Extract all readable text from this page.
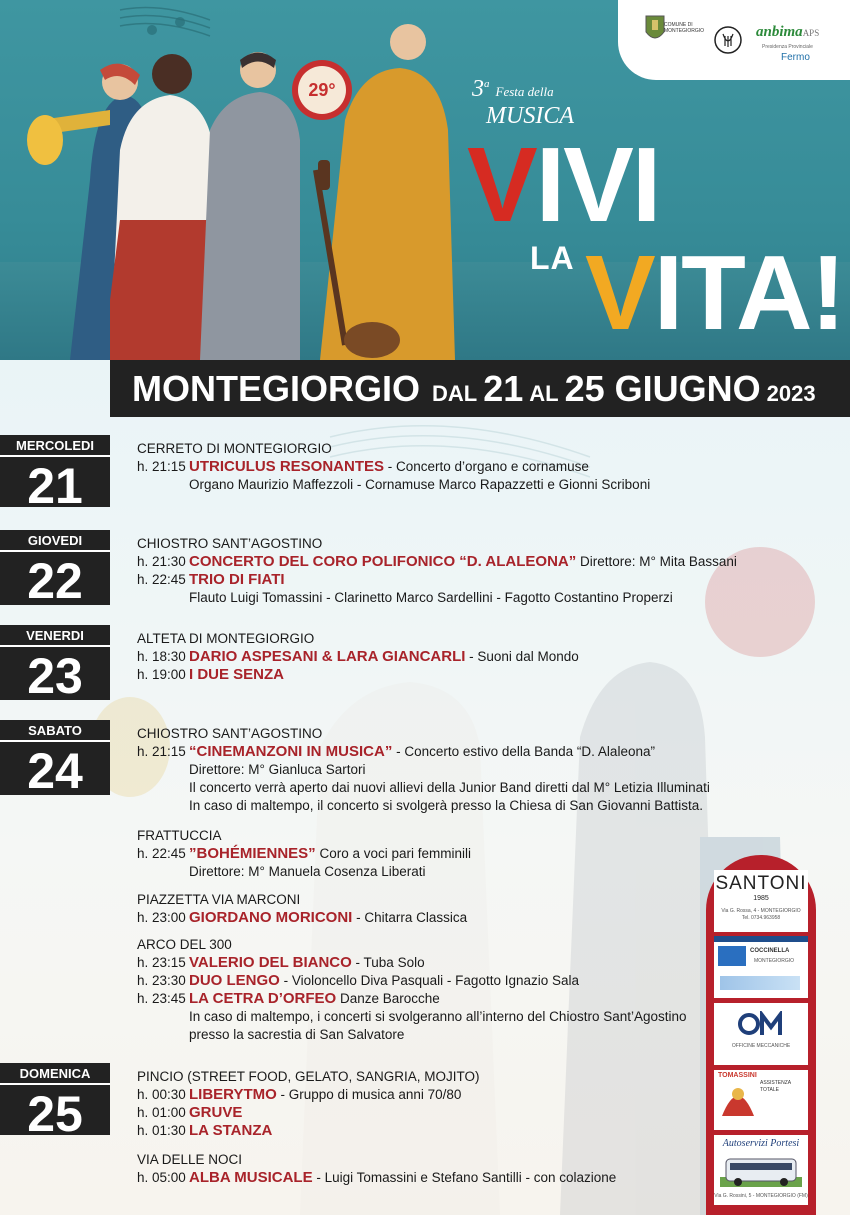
29°
COMUNE DI
MONTEGIORGIO	anbimaAPS
Presidenza Provinciale
Fermo
3$^a$ Festa della
MUSICA
VIVI
LA VITA!
MONTEGIORGIO DAL 21 AL 25 GIUGNO 2023
MERCOLEDI
21
GIOVEDI
22
VENERDI
23
SABATO
24
DOMENICA
25
CERRETO DI MONTEGIORGIO
h. 21:15 UTRICULUS RESONANTES - Concerto d’organo e cornamuse
Organo Maurizio Maffezzoli - Cornamuse Marco Rapazzetti e Gionni Scriboni
CHIOSTRO SANT’AGOSTINO
h. 21:30 CONCERTO DEL CORO POLIFONICO “D. ALALEONA” Direttore: M° Mita Bassani
h. 22:45 TRIO DI FIATI
Flauto Luigi Tomassini - Clarinetto Marco Sardellini - Fagotto Costantino Properzi
ALTETA DI MONTEGIORGIO
h. 18:30 DARIO ASPESANI & LARA GIANCARLI - Suoni dal Mondo
h. 19:00 I DUE SENZA
CHIOSTRO SANT’AGOSTINO
h. 21:15 “CINEMANZONI IN MUSICA” - Concerto estivo della Banda “D. Alaleona”
Direttore: M° Gianluca Sartori
Il concerto verrà aperto dai nuovi allievi della Junior Band diretti dal M° Letizia Illuminati
In caso di maltempo, il concerto si svolgerà presso la Chiesa di San Giovanni Battista.
FRATTUCCIA
h. 22:45 ”BOHÉMIENNES” Coro a voci pari femminili
Direttore: M° Manuela Cosenza Liberati
PIAZZETTA VIA MARCONI
h. 23:00 GIORDANO MORICONI - Chitarra Classica
ARCO DEL 300
h. 23:15 VALERIO DEL BIANCO - Tuba Solo
h. 23:30 DUO LENGO - Violoncello Diva Pasquali - Fagotto Ignazio Sala
h. 23:45 LA CETRA D’ORFEO Danze Barocche
In caso di maltempo, i concerti si svolgeranno all’interno del Chiostro Sant’Agostino
presso la sacrestia di San Salvatore
PINCIO (STREET FOOD, GELATO, SANGRIA, MOJITO)
h. 00:30 LIBERYTMO - Gruppo di musica anni 70/80
h. 01:00 GRUVE
h. 01:30 LA STANZA
VIA DELLE NOCI
h. 05:00 ALBA MUSICALE - Luigi Tomassini e Stefano Santilli - con colazione
SANTONI
1985
Via G. Rossa, 4 - MONTEGIORGIO
Tel. 0734.963958
COCCINELLA
MONTEGIORGIO
OFFICINE MECCANICHE
TOMASSINI
ASSISTENZA TOTALE
Autoservizi Portesi
Via G. Rossini, 5 - MONTEGIORGIO (FM)
